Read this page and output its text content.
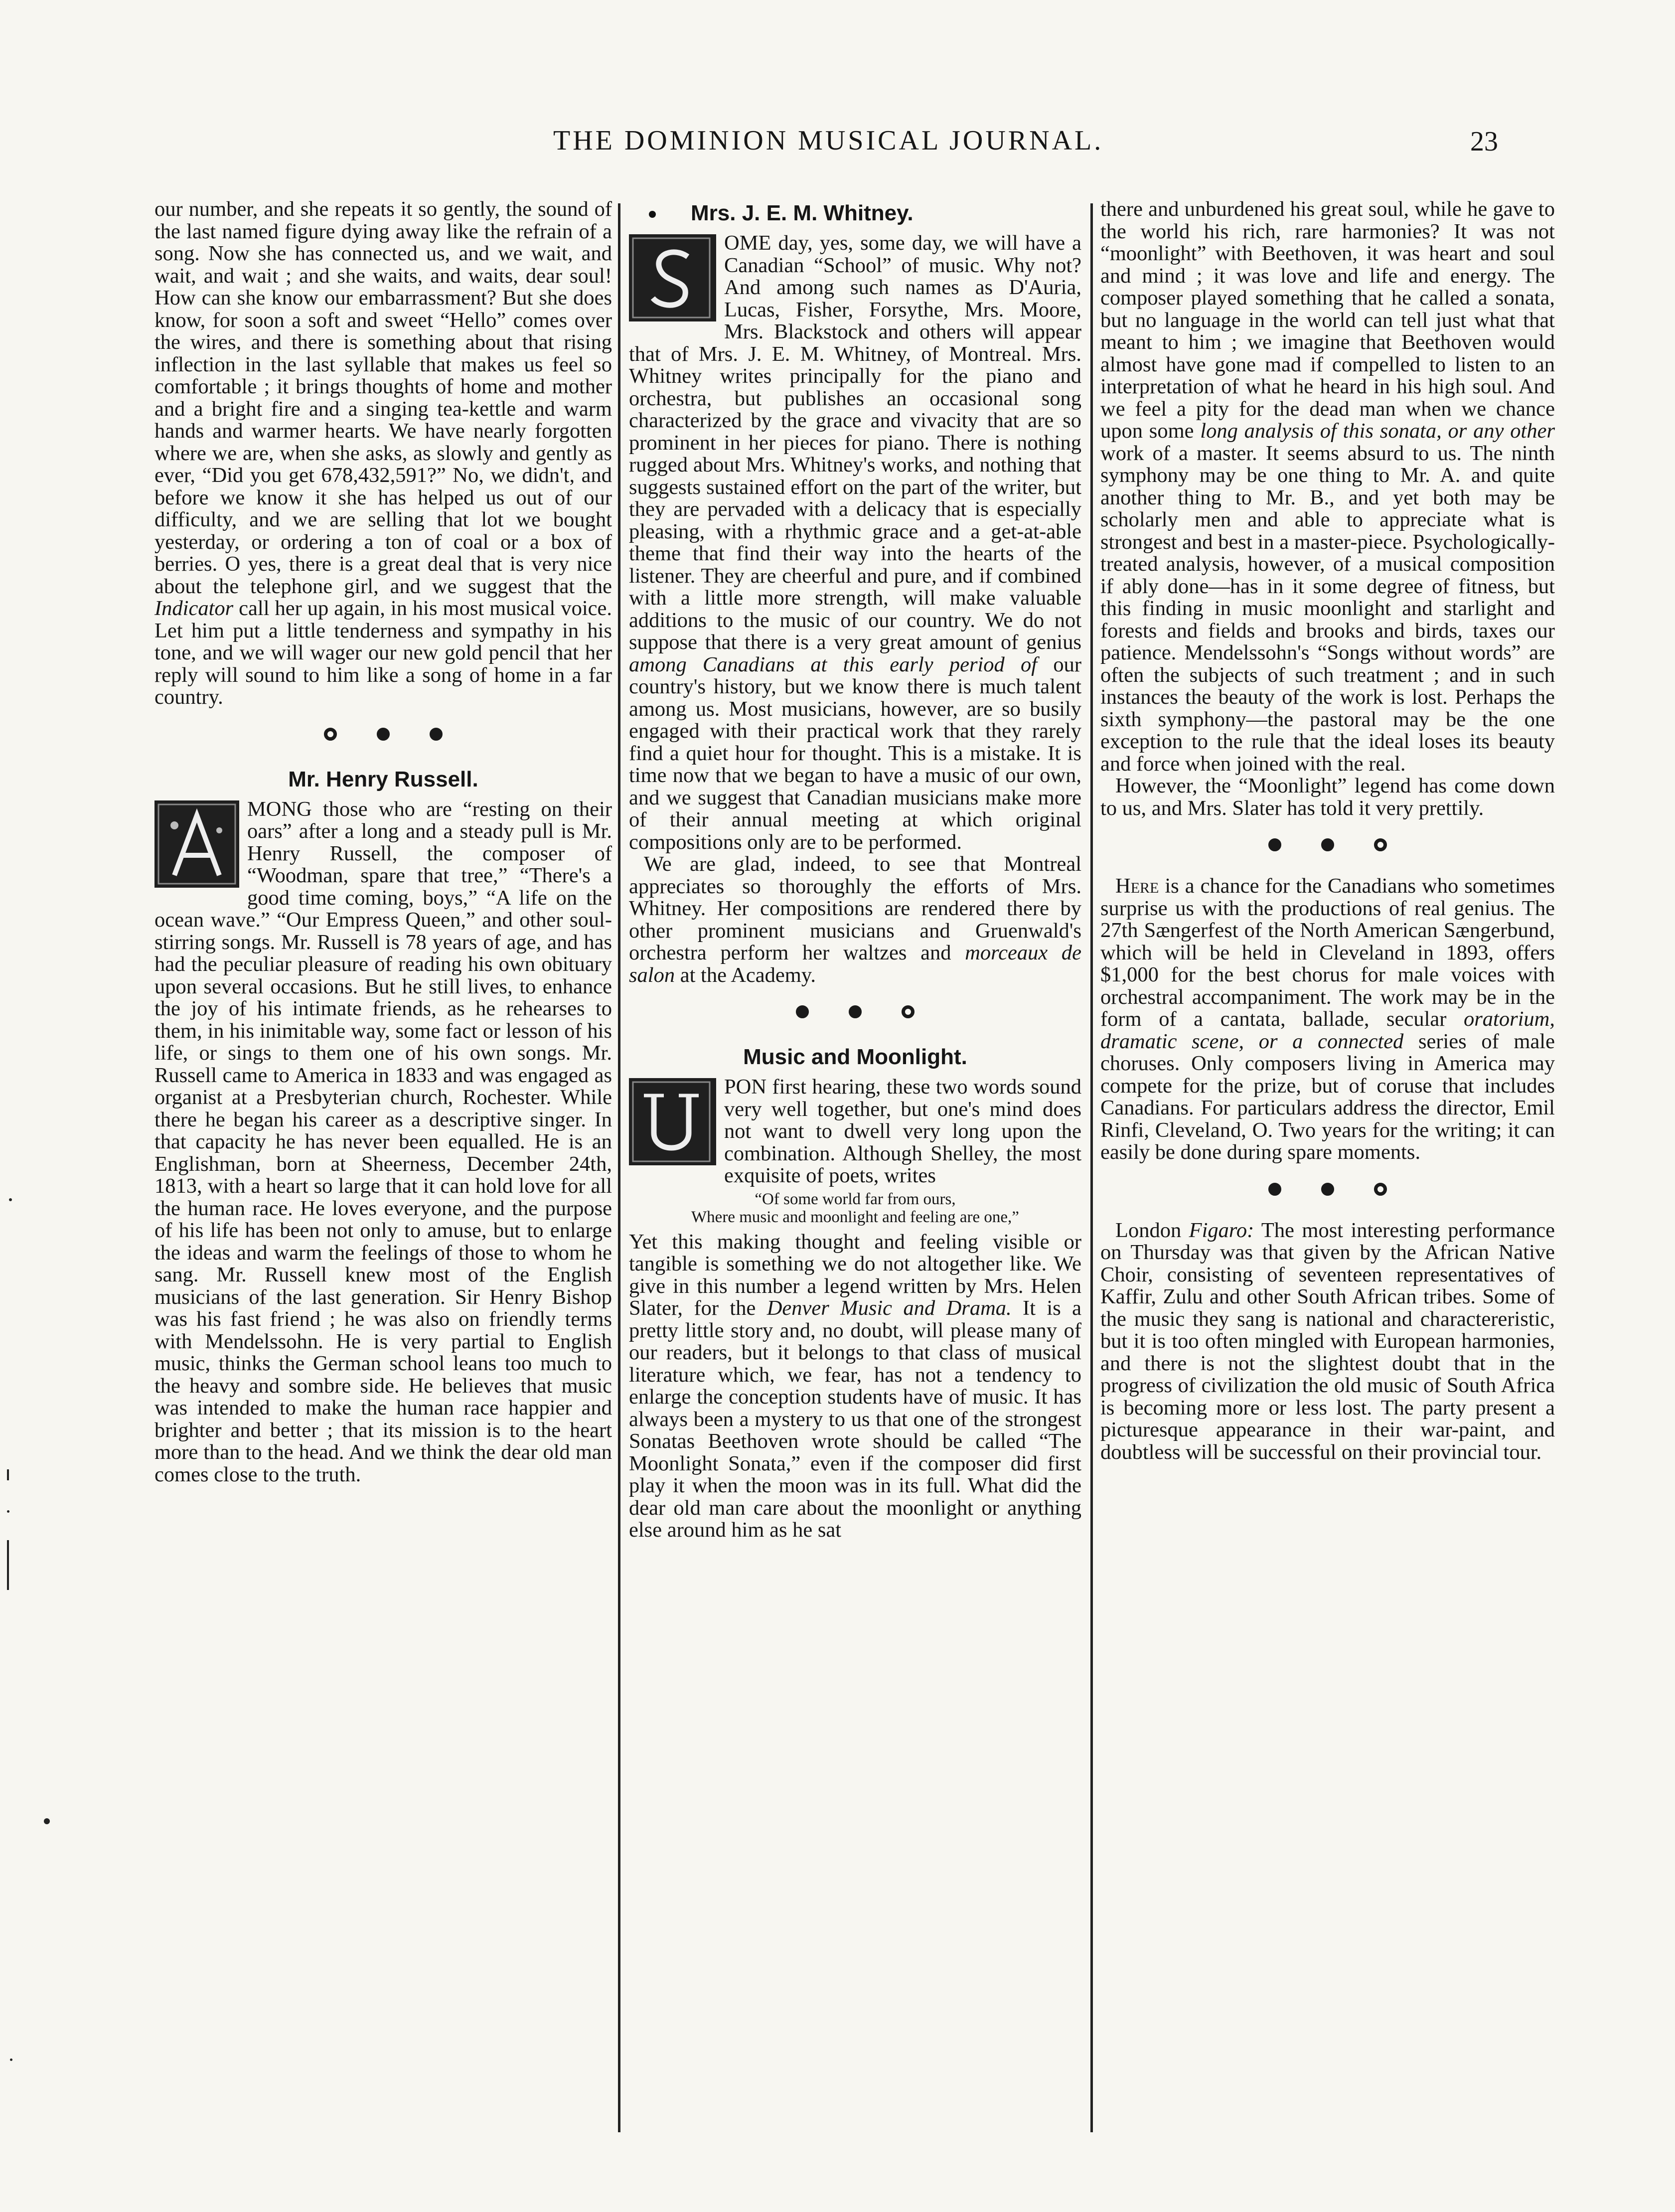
THE DOMINION MUSICAL JOURNAL.	23

our number, and she repeats it so gently, the sound of the last named figure dying away like the refrain of a song. Now she has connected us, and we wait, and wait, and wait ; and she waits, and waits, dear soul! How can she know our embarrassment? But she does know, for soon a soft and sweet “Hello” comes over the wires, and there is something about that rising inflection in the last syllable that makes us feel so comfortable ; it brings thoughts of home and mother and a bright fire and a singing tea-kettle and warm hands and warmer hearts. We have nearly forgotten where we are, when she asks, as slowly and gently as ever, “Did you get 678,432,591?” No, we didn't, and before we know it she has helped us out of our difficulty, and we are selling that lot we bought yesterday, or ordering a ton of coal or a box of berries. O yes, there is a great deal that is very nice about the telephone girl, and we suggest that the Indicator call her up again, in his most musical voice. Let him put a little tenderness and sympathy in his tone, and we will wager our new gold pencil that her reply will sound to him like a song of home in a far country.

Mr. Henry Russell.

MONG those who are “resting on their oars” after a long and a steady pull is Mr. Henry Russell, the composer of “Woodman, spare that tree,” “There's a good time coming, boys,” “A life on the ocean wave.” “Our Empress Queen,” and other soul-stirring songs. Mr. Russell is 78 years of age, and has had the peculiar pleasure of reading his own obituary upon several occasions. But he still lives, to enhance the joy of his intimate friends, as he rehearses to them, in his inimitable way, some fact or lesson of his life, or sings to them one of his own songs. Mr. Russell came to America in 1833 and was engaged as organist at a Presbyterian church, Rochester. While there he began his career as a descriptive singer. In that capacity he has never been equalled. He is an Englishman, born at Sheerness, December 24th, 1813, with a heart so large that it can hold love for all the human race. He loves everyone, and the purpose of his life has been not only to amuse, but to enlarge the ideas and warm the feelings of those to whom he sang. Mr. Russell knew most of the English musicians of the last generation. Sir Henry Bishop was his fast friend ; he was also on friendly terms with Mendelssohn. He is very partial to English music, thinks the German school leans too much to the heavy and sombre side. He believes that music was intended to make the human race happier and brighter and better ; that its mission is to the heart more than to the head. And we think the dear old man comes close to the truth.

Mrs. J. E. M. Whitney.

OME day, yes, some day, we will have a Canadian “School” of music. Why not? And among such names as D'Auria, Lucas, Fisher, Forsythe, Mrs. Moore, Mrs. Blackstock and others will appear that of Mrs. J. E. M. Whitney, of Montreal. Mrs. Whitney writes principally for the piano and orchestra, but publishes an occasional song characterized by the grace and vivacity that are so prominent in her pieces for piano. There is nothing rugged about Mrs. Whitney's works, and nothing that suggests sustained effort on the part of the writer, but they are pervaded with a delicacy that is especially pleasing, with a rhythmic grace and a get-at-able theme that find their way into the hearts of the listener. They are cheerful and pure, and if combined with a little more strength, will make valuable additions to the music of our country. We do not suppose that there is a very great amount of genius among Canadians at this early period of our country's history, but we know there is much talent among us. Most musicians, however, are so busily engaged with their practical work that they rarely find a quiet hour for thought. This is a mistake. It is time now that we began to have a music of our own, and we suggest that Canadian musicians make more of their annual meeting at which original compositions only are to be performed.

We are glad, indeed, to see that Montreal appreciates so thoroughly the efforts of Mrs. Whitney. Her compositions are rendered there by other prominent musicians and Gruenwald's orchestra perform her waltzes and morceaux de salon at the Academy.

Music and Moonlight.

PON first hearing, these two words sound very well together, but one's mind does not want to dwell very long upon the combination. Although Shelley, the most exquisite of poets, writes

“Of some world far from ours,

Where music and moonlight and feeling are one,”

Yet this making thought and feeling visible or tangible is something we do not altogether like. We give in this number a legend written by Mrs. Helen Slater, for the Denver Music and Drama. It is a pretty little story and, no doubt, will please many of our readers, but it belongs to that class of musical literature which, we fear, has not a tendency to enlarge the conception students have of music. It has always been a mystery to us that one of the strongest Sonatas Beethoven wrote should be called “The Moonlight Sonata,” even if the composer did first play it when the moon was in its full. What did the dear old man care about the moonlight or anything else around him as he sat

there and unburdened his great soul, while he gave to the world his rich, rare harmonies? It was not “moonlight” with Beethoven, it was heart and soul and mind ; it was love and life and energy. The composer played something that he called a sonata, but no language in the world can tell just what that meant to him ; we imagine that Beethoven would almost have gone mad if compelled to listen to an interpretation of what he heard in his high soul. And we feel a pity for the dead man when we chance upon some long analysis of this sonata, or any other work of a master. It seems absurd to us. The ninth symphony may be one thing to Mr. A. and quite another thing to Mr. B., and yet both may be scholarly men and able to appreciate what is strongest and best in a master-piece. Psychologically-treated analysis, however, of a musical composition if ably done—has in it some degree of fitness, but this finding in music moonlight and starlight and forests and fields and brooks and birds, taxes our patience. Mendelssohn's “Songs without words” are often the subjects of such treatment ; and in such instances the beauty of the work is lost. Perhaps the sixth symphony—the pastoral may be the one exception to the rule that the ideal loses its beauty and force when joined with the real.

However, the “Moonlight” legend has come down to us, and Mrs. Slater has told it very prettily.

Here is a chance for the Canadians who sometimes surprise us with the productions of real genius. The 27th Sængerfest of the North American Sængerbund, which will be held in Cleveland in 1893, offers $1,000 for the best chorus for male voices with orchestral accompaniment. The work may be in the form of a cantata, ballade, secular oratorium, dramatic scene, or a connected series of male choruses. Only composers living in America may compete for the prize, but of coruse that includes Canadians. For particulars address the director, Emil Rinfi, Cleveland, O. Two years for the writing; it can easily be done during spare moments.

London Figaro: The most interesting performance on Thursday was that given by the African Native Choir, consisting of seventeen representatives of Kaffir, Zulu and other South African tribes. Some of the music they sang is national and charactereristic, but it is too often mingled with European harmonies, and there is not the slightest doubt that in the progress of civilization the old music of South Africa is becoming more or less lost. The party present a picturesque appearance in their war-paint, and doubtless will be successful on their provincial tour.
